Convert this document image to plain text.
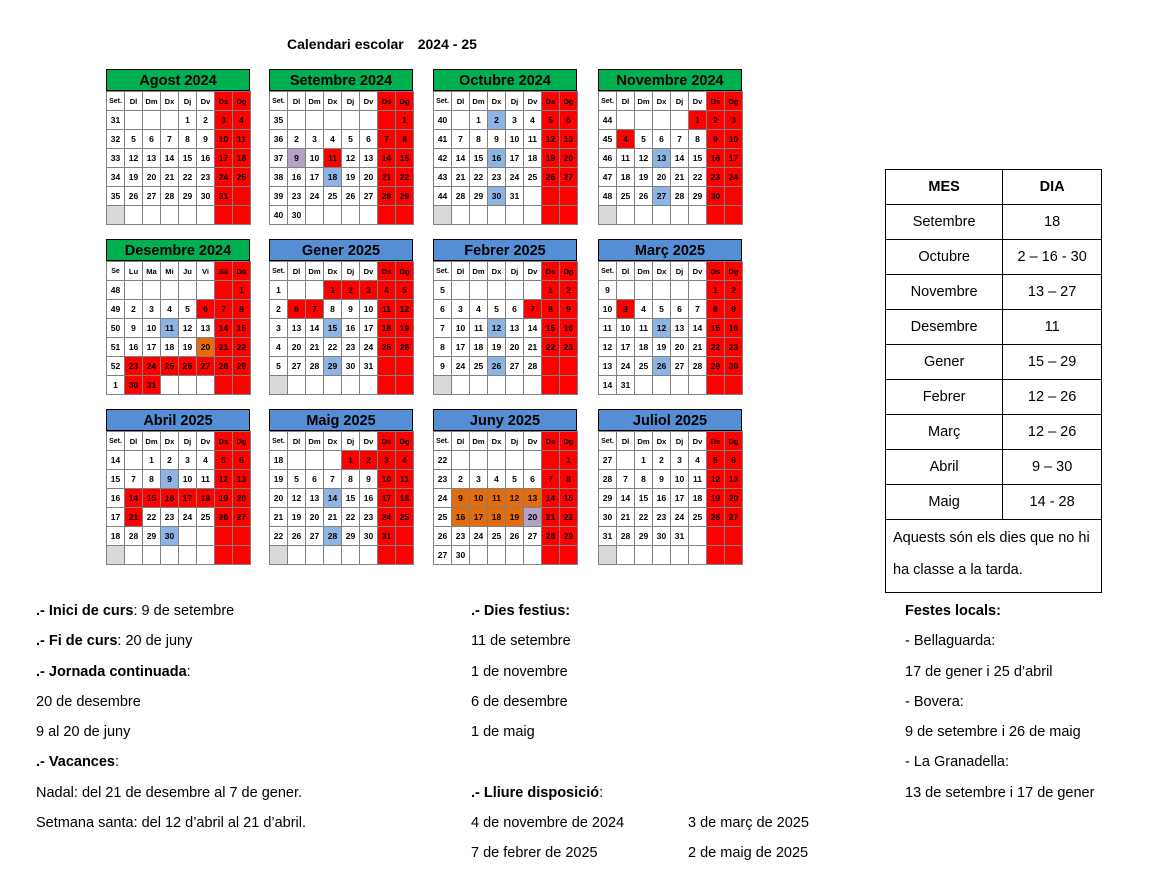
Calendari escolar 2024 - 25
Agost 2024
Set.	Dl	Dm	Dx	Dj	Dv	Ds	Dg
31				1	2	3	4
32	5	6	7	8	9	10	11
33	12	13	14	15	16	17	18
34	19	20	21	22	23	24	25
35	26	27	28	29	30	31	

Setembre 2024
Set.	Dl	Dm	Dx	Dj	Dv	Ds	Dg
35							1
36	2	3	4	5	6	7	8
37	9	10	11	12	13	14	15
38	16	17	18	19	20	21	22
39	23	24	25	26	27	28	29
40	30						
Octubre 2024
Set.	Dl	Dm	Dx	Dj	Dv	Ds	Dg
40		1	2	3	4	5	6
41	7	8	9	10	11	12	13
42	14	15	16	17	18	19	20
43	21	22	23	24	25	26	27
44	28	29	30	31			

Novembre 2024
Set.	Dl	Dm	Dx	Dj	Dv	Ds	Dg
44					1	2	3
45	4	5	6	7	8	9	10
46	11	12	13	14	15	16	17
47	18	19	20	21	22	23	24
48	25	26	27	28	29	30	

Desembre 2024
Se	Lu	Ma	Mi	Ju	Vi	Sá	Do
48							1
49	2	3	4	5	6	7	8
50	9	10	11	12	13	14	15
51	16	17	18	19	20	21	22
52	23	24	25	26	27	28	29
1	30	31					
Gener 2025
Set.	Dl	Dm	Dx	Dj	Dv	Ds	Dg
1			1	2	3	4	5
2	6	7	8	9	10	11	12
3	13	14	15	16	17	18	19
4	20	21	22	23	24	25	26
5	27	28	29	30	31		

Febrer 2025
Set.	Dl	Dm	Dx	Dj	Dv	Ds	Dg
5						1	2
6	3	4	5	6	7	8	9
7	10	11	12	13	14	15	16
8	17	18	19	20	21	22	23
9	24	25	26	27	28		

Març 2025
Set.	Dl	Dm	Dx	Dj	Dv	Ds	Dg
9						1	2
10	3	4	5	6	7	8	9
11	10	11	12	13	14	15	16
12	17	18	19	20	21	22	23
13	24	25	26	27	28	29	30
14	31						
Abril 2025
Set.	Dl	Dm	Dx	Dj	Dv	Ds	Dg
14		1	2	3	4	5	6
15	7	8	9	10	11	12	13
16	14	15	16	17	18	19	20
17	21	22	23	24	25	26	27
18	28	29	30				

Maig 2025
Set.	Dl	Dm	Dx	Dj	Dv	Ds	Dg
18				1	2	3	4
19	5	6	7	8	9	10	11
20	12	13	14	15	16	17	18
21	19	20	21	22	23	24	25
22	26	27	28	29	30	31	

Juny 2025
Set.	Dl	Dm	Dx	Dj	Dv	Ds	Dg
22							1
23	2	3	4	5	6	7	8
24	9	10	11	12	13	14	15
25	16	17	18	19	20	21	22
26	23	24	25	26	27	28	29
27	30						
Juliol 2025
Set.	Dl	Dm	Dx	Dj	Dv	Ds	Dg
27		1	2	3	4	5	6
28	7	8	9	10	11	12	13
29	14	15	16	17	18	19	20
30	21	22	23	24	25	26	27
31	28	29	30	31			

MES	DIA
Setembre	18
Octubre	2 – 16 - 30
Novembre	13 – 27
Desembre	11
Gener	15 – 29
Febrer	12 – 26
Març	12 – 26
Abril	9 – 30
Maig	14 - 28
Aquests són els dies que no hi ha classe a la tarda.	
.- Inici de curs: 9 de setembre
.- Fi de curs: 20 de juny
.- Jornada continuada:
20 de desembre
9 al 20 de juny
.- Vacances:
Nadal: del 21 de desembre al 7 de gener.
Setmana santa: del 12 d’abril al 21 d’abril.
.- Dies festius:
11 de setembre
1 de novembre
6 de desembre
1 de maig

.- Lliure disposició:
4 de novembre de 2024
7 de febrer de 2025
3 de març de 2025
2 de maig de 2025
Festes locals:
- Bellaguarda:
17 de gener i 25 d’abril
- Bovera:
9 de setembre i 26 de maig
- La Granadella:
13 de setembre i 17 de gener
